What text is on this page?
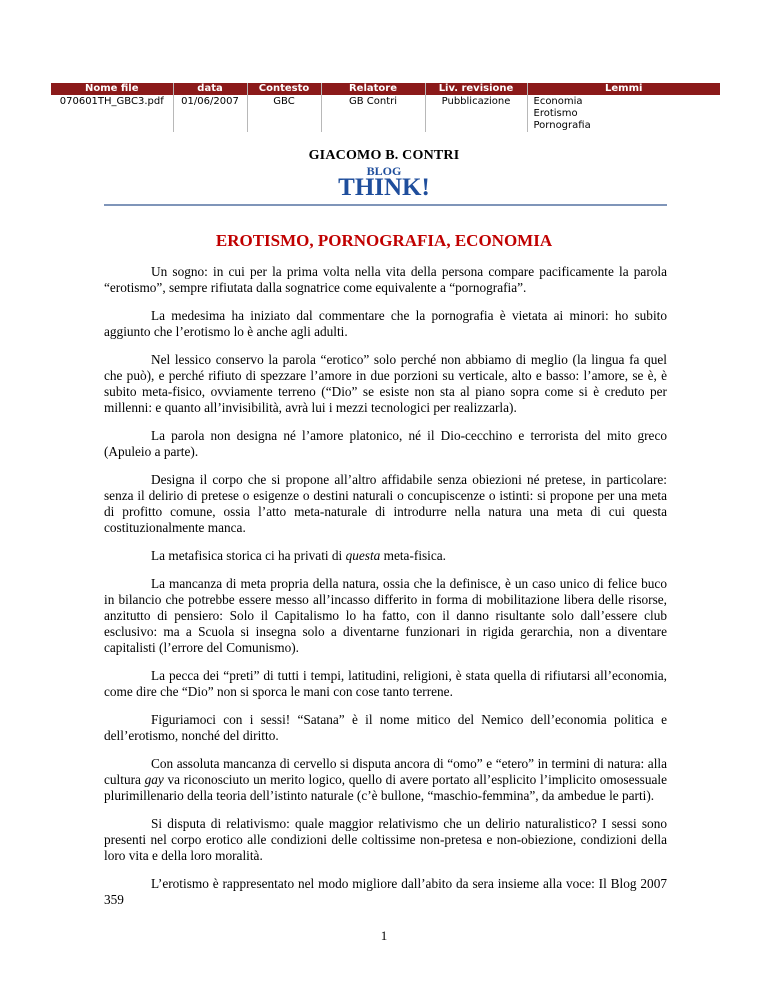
Nome file	data	Contesto	Relatore	Liv. revisione	Lemmi
070601TH_GBC3.pdf	01/06/2007	GBC	GB Contri	Pubblicazione	Economia
Erotismo
Pornografia
GIACOMO B. CONTRI
BLOG
THINK!
EROTISMO, PORNOGRAFIA, ECONOMIA

Un sogno: in cui per la prima volta nella vita della persona compare pacificamente la parola “erotismo”, sempre rifiutata dalla sognatrice come equivalente a “pornografia”.

La medesima ha iniziato dal commentare che la pornografia è vietata ai minori: ho subito aggiunto che l’erotismo lo è anche agli adulti.

Nel lessico conservo la parola “erotico” solo perché non abbiamo di meglio (la lingua fa quel che può), e perché rifiuto di spezzare l’amore in due porzioni su verticale, alto e basso: l’amore, se è, è subito meta-fisico, ovviamente terreno (“Dio” se esiste non sta al piano sopra come si è creduto per millenni: e quanto all’invisibilità, avrà lui i mezzi tecnologici per realizzarla).

La parola non designa né l’amore platonico, né il Dio-cecchino e terrorista del mito greco (Apuleio a parte).

Designa il corpo che si propone all’altro affidabile senza obiezioni né pretese, in particolare: senza il delirio di pretese o esigenze o destini naturali o concupiscenze o istinti: si propone per una meta di profitto comune, ossia l’atto meta-naturale di introdurre nella natura una meta di cui questa costituzionalmente manca.

La metafisica storica ci ha privati di questa meta-fisica.

La mancanza di meta propria della natura, ossia che la definisce, è un caso unico di felice buco in bilancio che potrebbe essere messo all’incasso differito in forma di mobilitazione libera delle risorse, anzitutto di pensiero: Solo il Capitalismo lo ha fatto, con il danno risultante solo dall’essere club esclusivo: ma a Scuola si insegna solo a diventarne funzionari in rigida gerarchia, non a diventare capitalisti (l’errore del Comunismo).

La pecca dei “preti” di tutti i tempi, latitudini, religioni, è stata quella di rifiutarsi all’economia, come dire che “Dio” non si sporca le mani con cose tanto terrene.

Figuriamoci con i sessi! “Satana” è il nome mitico del Nemico dell’economia politica e dell’erotismo, nonché del diritto.

Con assoluta mancanza di cervello si disputa ancora di “omo” e “etero” in termini di natura: alla cultura gay va riconosciuto un merito logico, quello di avere portato all’esplicito l’implicito omosessuale plurimillenario della teoria dell’istinto naturale (c’è bullone, “maschio-femmina”, da ambedue le parti).

Si disputa di relativismo: quale maggior relativismo che un delirio naturalistico? I sessi sono presenti nel corpo erotico alle condizioni delle coltissime non-pretesa e non-obiezione, condizioni della loro vita e della loro moralità.

L’erotismo è rappresentato nel modo migliore dall’abito da sera insieme alla voce: Il Blog 2007 359

1
